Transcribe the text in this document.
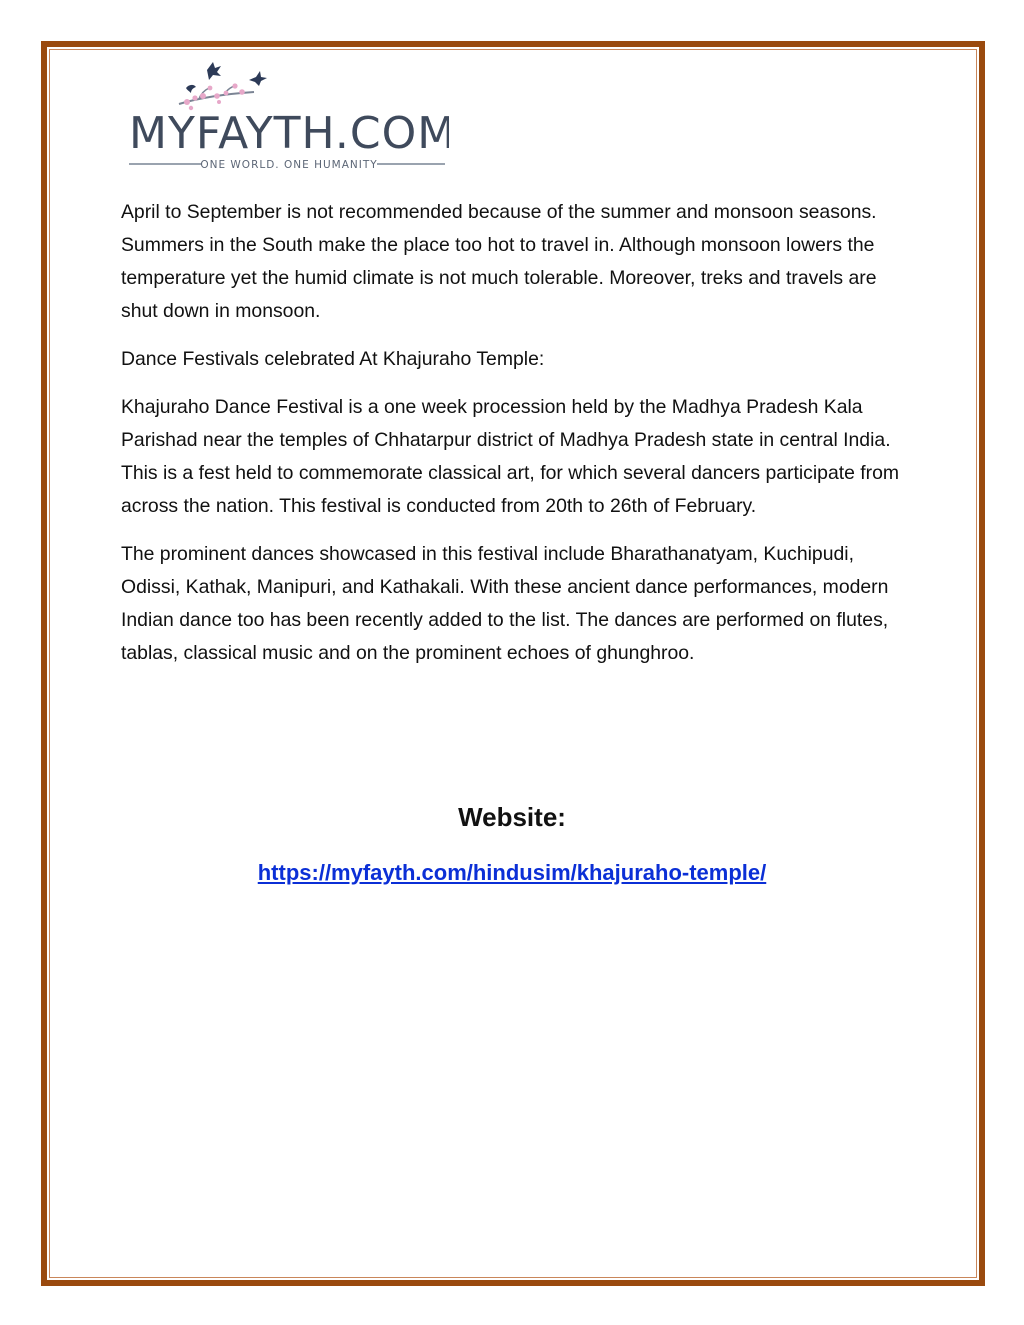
MYFAYTH.COM
ONE WORLD. ONE HUMANITY

April to September is not recommended because of the summer and monsoon seasons. Summers in the South make the place too hot to travel in. Although monsoon lowers the temperature yet the humid climate is not much tolerable. Moreover, treks and travels are shut down in monsoon.

Dance Festivals celebrated At Khajuraho Temple:

Khajuraho Dance Festival is a one week procession held by the Madhya Pradesh Kala Parishad near the temples of Chhatarpur district of Madhya Pradesh state in central India. This is a fest held to commemorate classical art, for which several dancers participate from across the nation. This festival is conducted from 20th to 26th of February.

The prominent dances showcased in this festival include Bharathanatyam, Kuchipudi, Odissi, Kathak, Manipuri, and Kathakali. With these ancient dance performances, modern Indian dance too has been recently added to the list. The dances are performed on flutes, tablas, classical music and on the prominent echoes of ghunghroo.

Website:
https://myfayth.com/hindusim/khajuraho-temple/
